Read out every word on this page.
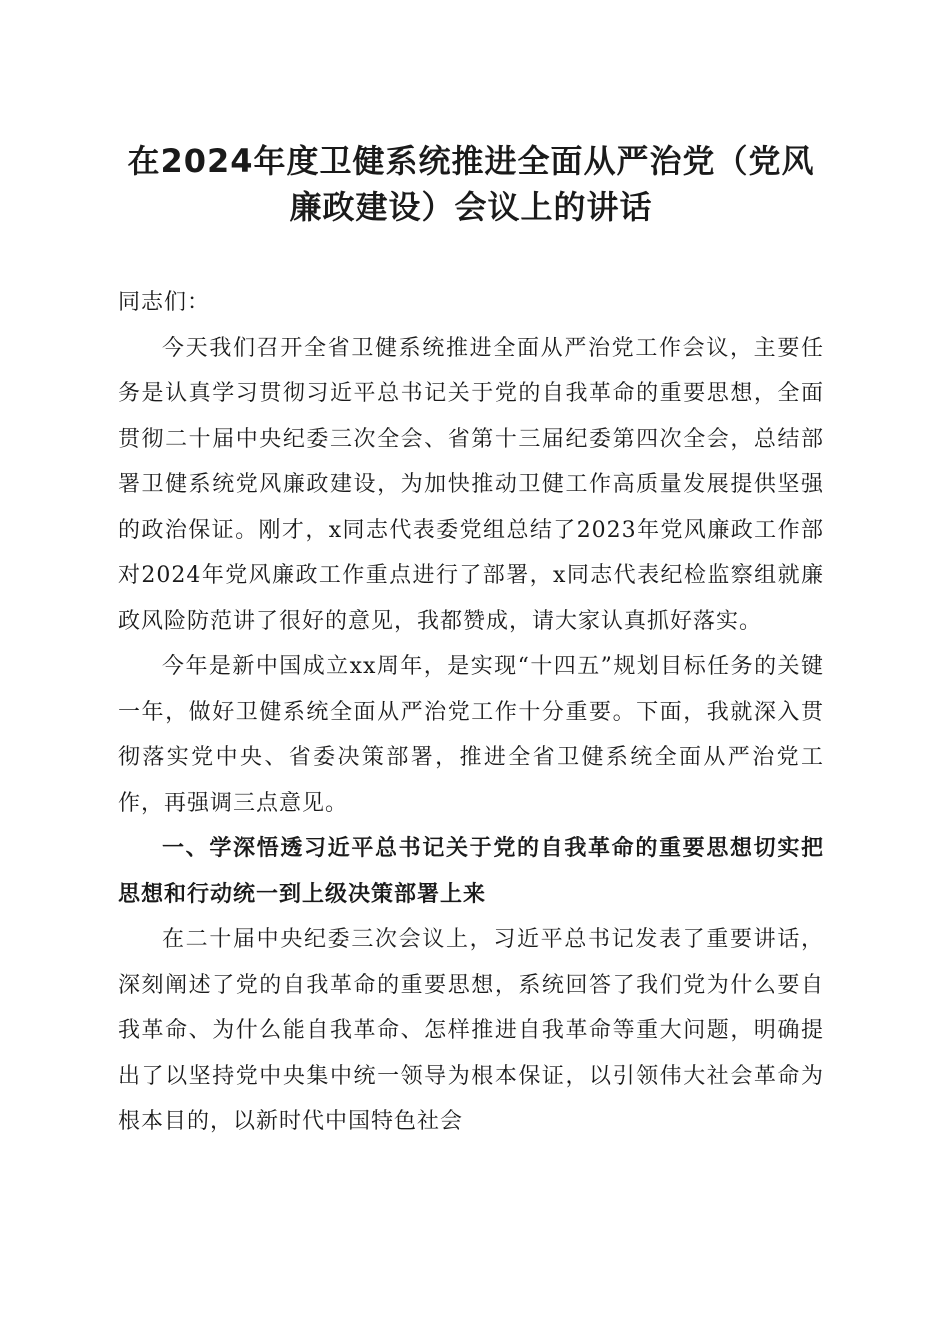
在2024年度卫健系统推进全面从严治党（党风廉政建设）会议上的讲话

同志们：

今天我们召开全省卫健系统推进全面从严治党工作会议，主要任务是认真学习贯彻习近平总书记关于党的自我革命的重要思想，全面贯彻二十届中央纪委三次全会、省第十三届纪委第四次全会，总结部署卫健系统党风廉政建设，为加快推动卫健工作高质量发展提供坚强的政治保证。刚才，x同志代表委党组总结了2023年党风廉政工作部对2024年党风廉政工作重点进行了部署，x同志代表纪检监察组就廉政风险防范讲了很好的意见，我都赞成，请大家认真抓好落实。

今年是新中国成立xx周年，是实现“十四五”规划目标任务的关键一年，做好卫健系统全面从严治党工作十分重要。下面，我就深入贯彻落实党中央、省委决策部署，推进全省卫健系统全面从严治党工作，再强调三点意见。

一、学深悟透习近平总书记关于党的自我革命的重要思想切实把思想和行动统一到上级决策部署上来

在二十届中央纪委三次会议上，习近平总书记发表了重要讲话，深刻阐述了党的自我革命的重要思想，系统回答了我们党为什么要自我革命、为什么能自我革命、怎样推进自我革命等重大问题，明确提出了以坚持党中央集中统一领导为根本保证，以引领伟大社会革命为根本目的，以新时代中国特色社会
